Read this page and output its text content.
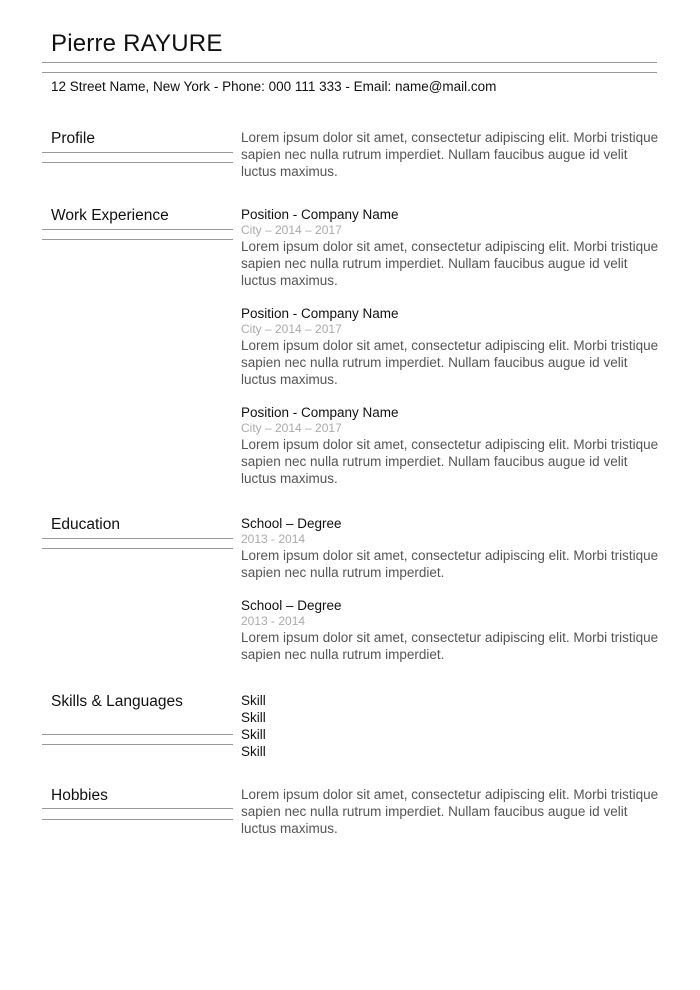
Pierre RAYURE
12 Street Name, New York - Phone: 000 111 333 - Email: name@mail.com
Profile	Lorem ipsum dolor sit amet, consectetur adipiscing elit. Morbi tristique sapien nec nulla rutrum imperdiet. Nullam faucibus augue id velit luctus maximus.
Work Experience	Position - Company Name
City – 2014 – 2017
Lorem ipsum dolor sit amet, consectetur adipiscing elit. Morbi tristique sapien nec nulla rutrum imperdiet. Nullam faucibus augue id velit luctus maximus.
Position - Company Name
City – 2014 – 2017
Lorem ipsum dolor sit amet, consectetur adipiscing elit. Morbi tristique sapien nec nulla rutrum imperdiet. Nullam faucibus augue id velit luctus maximus.
Position - Company Name
City – 2014 – 2017
Lorem ipsum dolor sit amet, consectetur adipiscing elit. Morbi tristique sapien nec nulla rutrum imperdiet. Nullam faucibus augue id velit luctus maximus.
Education	School – Degree
2013 - 2014
Lorem ipsum dolor sit amet, consectetur adipiscing elit. Morbi tristique sapien nec nulla rutrum imperdiet.
School – Degree
2013 - 2014
Lorem ipsum dolor sit amet, consectetur adipiscing elit. Morbi tristique sapien nec nulla rutrum imperdiet.
Skills & Languages	Skill
Skill
Skill
Skill
Hobbies	Lorem ipsum dolor sit amet, consectetur adipiscing elit. Morbi tristique sapien nec nulla rutrum imperdiet. Nullam faucibus augue id velit luctus maximus.
